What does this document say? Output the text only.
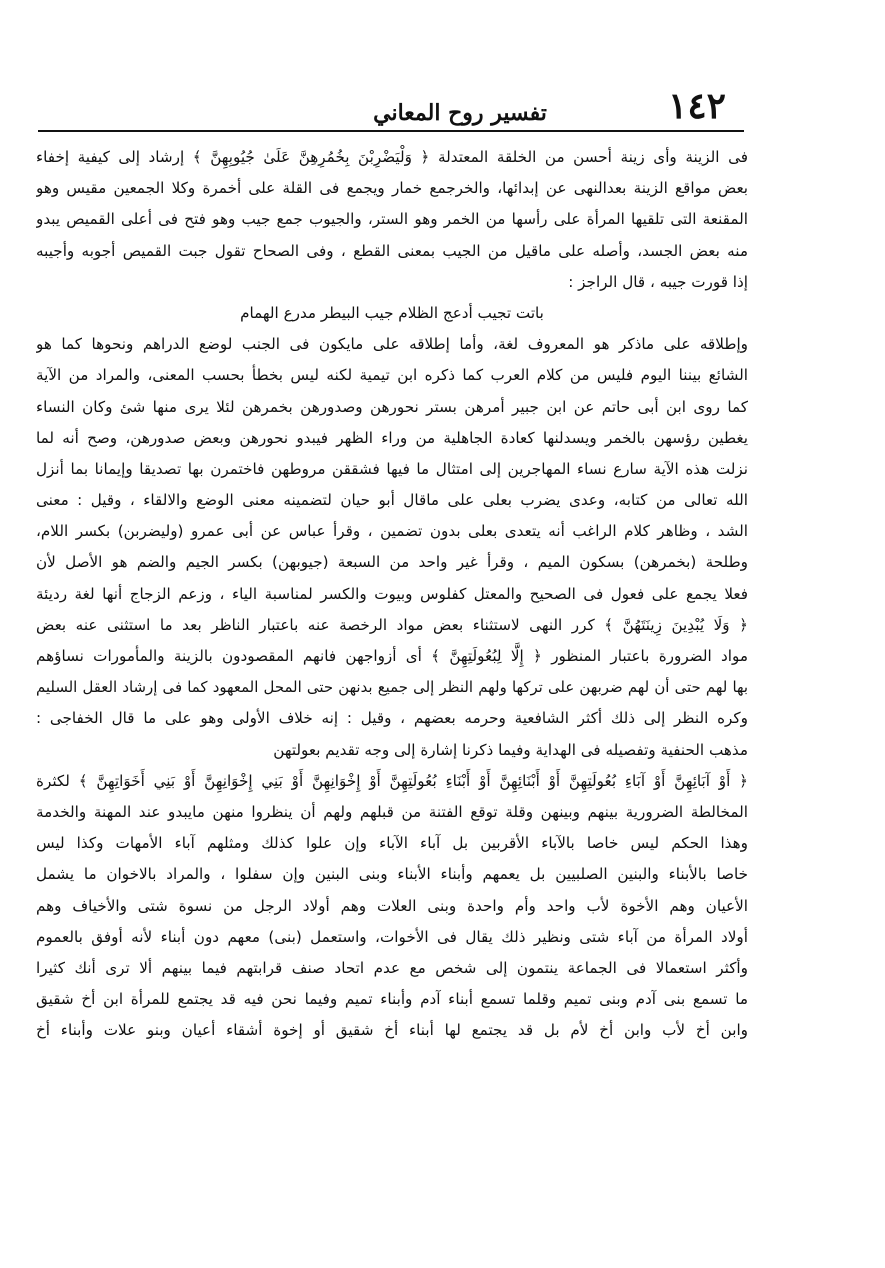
١٤٢
تفسير روح المعاني
فى الزينة وأى زينة أحسن من الخلقة المعتدلة ﴿ وَلْيَضْرِبْنَ بِخُمُرِهِنَّ عَلَىٰ جُيُوبِهِنَّ ﴾ إرشاد إلى كيفية إخفاء
بعض مواقع الزينة بعدالنهى عن إبدائها، والخرجمع خمار ويجمع فى القلة على أخمرة وكلا الجمعين مقيس وهو
المقنعة التى تلقيها المرأة على رأسها من الخمر وهو الستر، والجيوب جمع جيب وهو فتح فى أعلى القميص يبدو
منه بعض الجسد، وأصله على ماقيل من الجيب بمعنى القطع ، وفى الصحاح تقول جبت القميص أجوبه وأجيبه
إذا قورت جيبه ، قال الراجز :
باتت تجيب أدعج الظلام جيب البيطر مدرع الهمام
وإطلاقه على ماذكر هو المعروف لغة، وأما إطلاقه على مايكون فى الجنب لوضع الدراهم ونحوها كما هو
الشائع بيننا اليوم فليس من كلام العرب كما ذكره ابن تيمية لكنه ليس بخطأ بحسب المعنى، والمراد من الآية
كما روى ابن أبى حاتم عن ابن جبير أمرهن بستر نحورهن وصدورهن بخمرهن لئلا يرى منها شئ وكان النساء
يغطين رؤسهن بالخمر ويسدلنها كعادة الجاهلية من وراء الظهر فيبدو نحورهن وبعض صدورهن، وصح أنه لما
نزلت هذه الآية سارع نساء المهاجرين إلى امتثال ما فيها فشققن مروطهن فاختمرن بها تصديقا وإيمانا بما أنزل
الله تعالى من كتابه، وعدى يضرب بعلى على ماقال أبو حيان لتضمينه معنى الوضع والالقاء ، وقيل : معنى
الشد ، وظاهر كلام الراغب أنه يتعدى بعلى بدون تضمين ، وقرأ عباس عن أبى عمرو (وليضربن) بكسر اللام،
وطلحة (بخمرهن) بسكون الميم ، وقرأ غير واحد من السبعة (جيوبهن) بكسر الجيم والضم هو الأصل لأن
فعلا يجمع على فعول فى الصحيح والمعتل كفلوس وبيوت والكسر لمناسبة الياء ، وزعم الزجاج أنها لغة رديئة
﴿ وَلَا يُبْدِينَ زِينَتَهُنَّ ﴾ كرر النهى لاستثناء بعض مواد الرخصة عنه باعتبار الناظر بعد ما استثنى عنه بعض
مواد الضرورة باعتبار المنظور ﴿ إِلَّا لِبُعُولَتِهِنَّ ﴾ أى أزواجهن فانهم المقصودون بالزينة والمأمورات نساؤهم
بها لهم حتى أن لهم ضربهن على تركها ولهم النظر إلى جميع بدنهن حتى المحل المعهود كما فى إرشاد العقل السليم
وكره النظر إلى ذلك أكثر الشافعية وحرمه بعضهم ، وقيل : إنه خلاف الأولى وهو على ما قال الخفاجى :
مذهب الحنفية وتفصيله فى الهداية وفيما ذكرنا إشارة إلى وجه تقديم بعولتهن
﴿ أَوْ آبَائِهِنَّ أَوْ آبَاءِ بُعُولَتِهِنَّ أَوْ أَبْنَائِهِنَّ أَوْ أَبْنَاءِ بُعُولَتِهِنَّ أَوْ إِخْوَانِهِنَّ أَوْ بَنِي إِخْوَانِهِنَّ أَوْ بَنِي أَخَوَاتِهِنَّ ﴾ لكثرة
المخالطة الضرورية بينهم وبينهن وقلة توقع الفتنة من قبلهم ولهم أن ينظروا منهن مايبدو عند المهنة والخدمة
وهذا الحكم ليس خاصا بالآباء الأقربين بل آباء الآباء وإن علوا كذلك ومثلهم آباء الأمهات وكذا ليس
خاصا بالأبناء والبنين الصلبيين بل يعمهم وأبناء الأبناء وبنى البنين وإن سفلوا ، والمراد بالاخوان ما يشمل
الأعيان وهم الأخوة لأب واحد وأم واحدة وبنى العلات وهم أولاد الرجل من نسوة شتى والأخياف وهم
أولاد المرأة من آباء شتى ونظير ذلك يقال فى الأخوات، واستعمل (بنى) معهم دون أبناء لأنه أوفق بالعموم
وأكثر استعمالا فى الجماعة ينتمون إلى شخص مع عدم اتحاد صنف قرابتهم فيما بينهم ألا ترى أنك كثيرا
ما تسمع بنى آدم وبنى تميم وقلما تسمع أبناء آدم وأبناء تميم وفيما نحن فيه قد يجتمع للمرأة ابن أخ شقيق
وابن أخ لأب وابن أخ لأم بل قد يجتمع لها أبناء أخ شقيق أو إخوة أشقاء أعيان وبنو علات وأبناء أخ
